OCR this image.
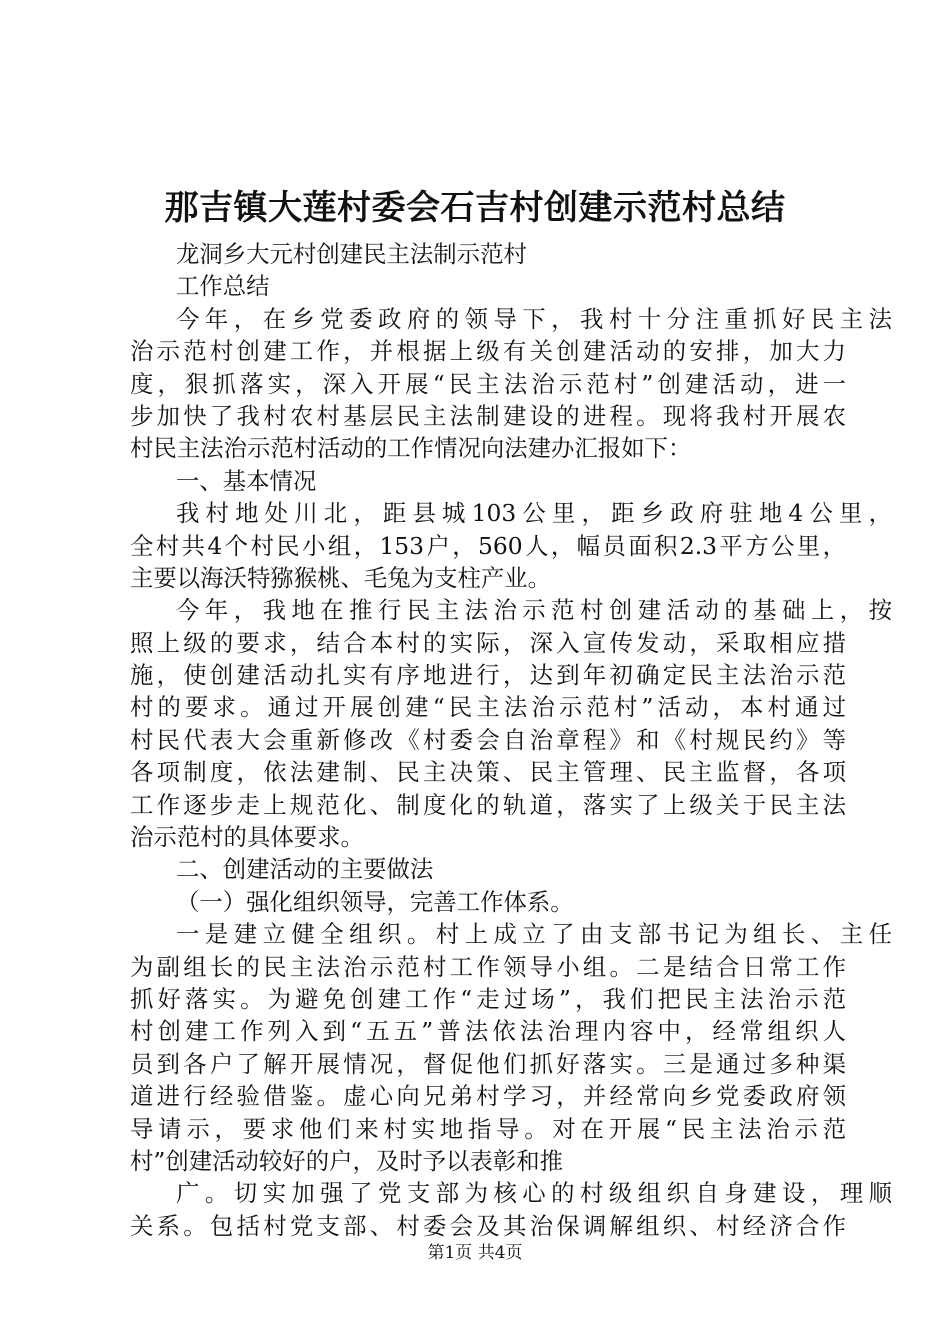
那吉镇大莲村委会石吉村创建示范村总结
龙洞乡大元村创建民主法制示范村
工作总结
今年，在乡党委政府的领导下，我村十分注重抓好民主法
治示范村创建工作，并根据上级有关创建活动的安排，加大力
度，狠抓落实，深入开展“民主法治示范村”创建活动，进一
步加快了我村农村基层民主法制建设的进程。现将我村开展农
村民主法治示范村活动的工作情况向法建办汇报如下：
一、基本情况
我村地处川北，距县城103公里，距乡政府驻地4公里，
全村共4个村民小组，153户，560人，幅员面积2.3平方公里，
主要以海沃特猕猴桃、毛兔为支柱产业。
今年，我地在推行民主法治示范村创建活动的基础上，按
照上级的要求，结合本村的实际，深入宣传发动，采取相应措
施，使创建活动扎实有序地进行，达到年初确定民主法治示范
村的要求。通过开展创建“民主法治示范村”活动，本村通过
村民代表大会重新修改《村委会自治章程》和《村规民约》等
各项制度，依法建制、民主决策、民主管理、民主监督，各项
工作逐步走上规范化、制度化的轨道，落实了上级关于民主法
治示范村的具体要求。
二、创建活动的主要做法
（一）强化组织领导，完善工作体系。
一是建立健全组织。村上成立了由支部书记为组长、主任
为副组长的民主法治示范村工作领导小组。二是结合日常工作
抓好落实。为避免创建工作“走过场”，我们把民主法治示范
村创建工作列入到“五五”普法依法治理内容中，经常组织人
员到各户了解开展情况，督促他们抓好落实。三是通过多种渠
道进行经验借鉴。虚心向兄弟村学习，并经常向乡党委政府领
导请示，要求他们来村实地指导。对在开展“民主法治示范
村”创建活动较好的户，及时予以表彰和推
广。切实加强了党支部为核心的村级组织自身建设，理顺
关系。包括村党支部、村委会及其治保调解组织、村经济合作
第1页 共4页
